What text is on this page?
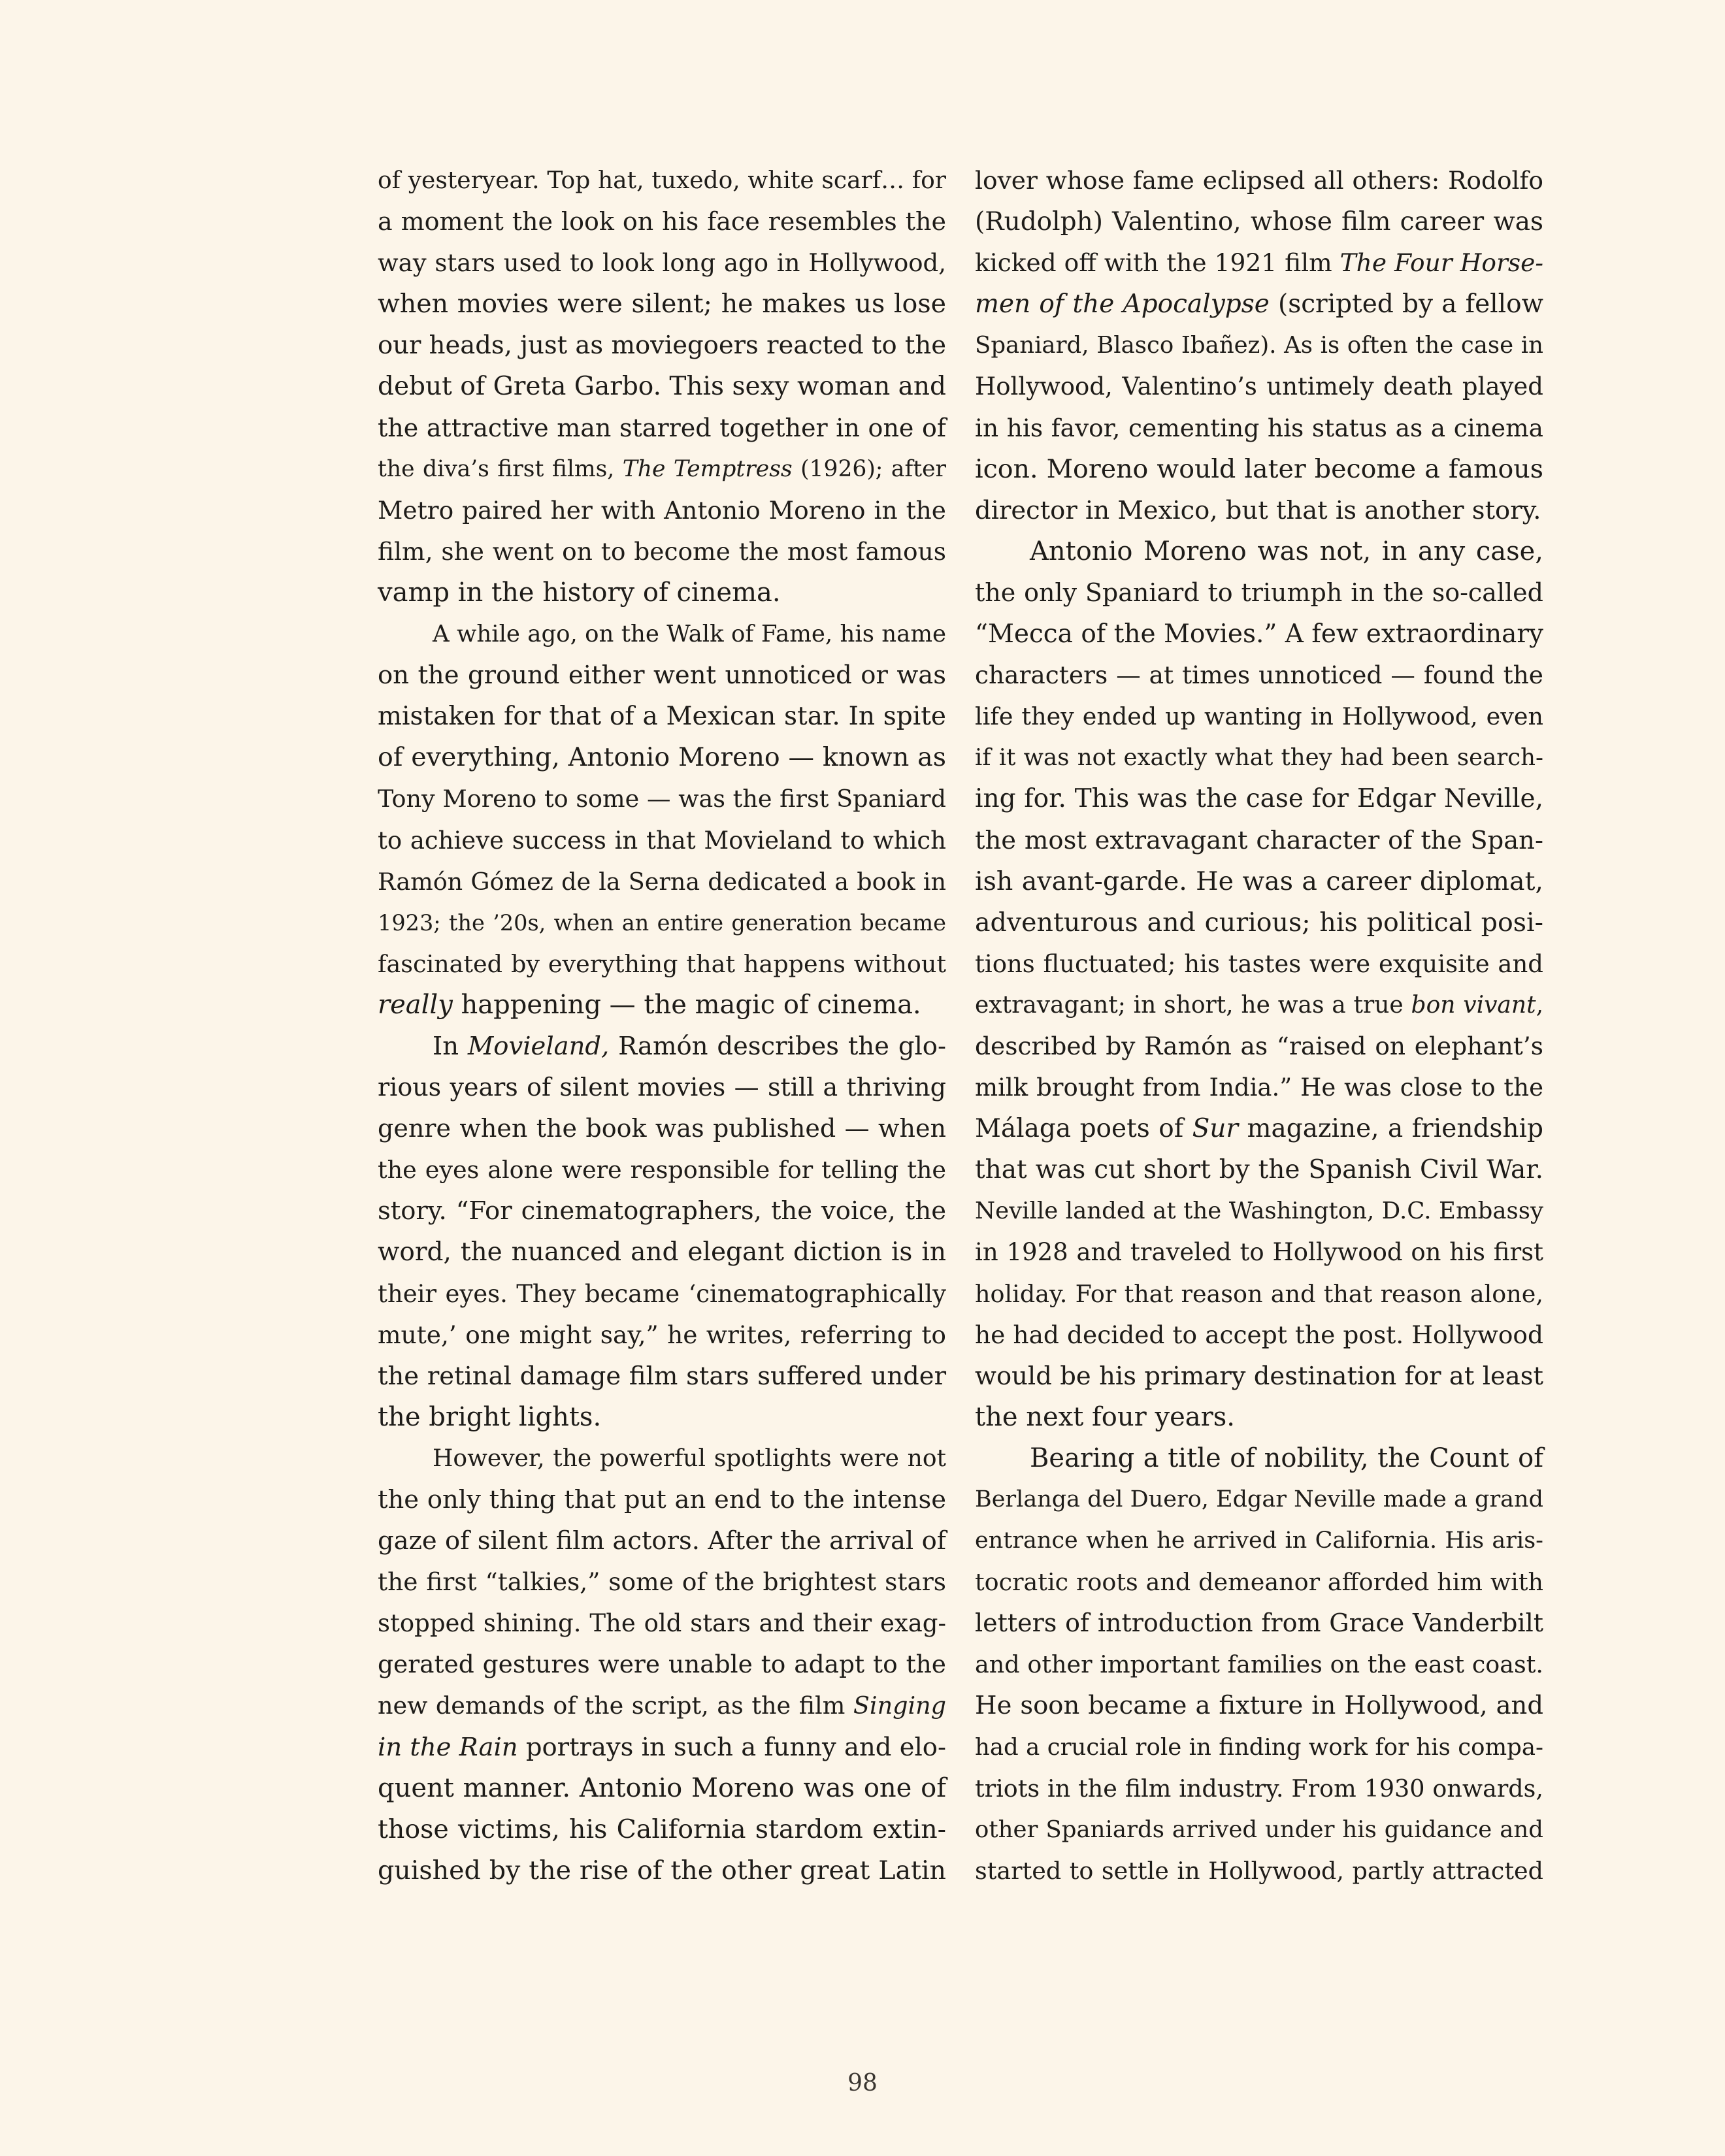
of yesteryear. Top hat, tuxedo, white scarf… for
a moment the look on his face resembles the
way stars used to look long ago in Hollywood,
when movies were silent; he makes us lose
our heads, just as moviegoers reacted to the
debut of Greta Garbo. This sexy woman and
the attractive man starred together in one of
the diva’s first films, The Temptress (1926); after
Metro paired her with Antonio Moreno in the
film, she went on to become the most famous
vamp in the history of cinema.
A while ago, on the Walk of Fame, his name
on the ground either went unnoticed or was
mistaken for that of a Mexican star. In spite
of everything, Antonio Moreno — known as
Tony Moreno to some — was the first Spaniard
to achieve success in that Movieland to which
Ramón Gómez de la Serna dedicated a book in
1923; the ’20s, when an entire generation became
fascinated by everything that happens without
really happening — the magic of cinema.
In Movieland, Ramón describes the glo-
rious years of silent movies — still a thriving
genre when the book was published — when
the eyes alone were responsible for telling the
story. “For cinematographers, the voice, the
word, the nuanced and elegant diction is in
their eyes. They became ‘cinematographically
mute,’ one might say,” he writes, referring to
the retinal damage film stars suffered under
the bright lights.
However, the powerful spotlights were not
the only thing that put an end to the intense
gaze of silent film actors. After the arrival of
the first “talkies,” some of the brightest stars
stopped shining. The old stars and their exag-
gerated gestures were unable to adapt to the
new demands of the script, as the film Singing
in the Rain portrays in such a funny and elo-
quent manner. Antonio Moreno was one of
those victims, his California stardom extin-
guished by the rise of the other great Latin
lover whose fame eclipsed all others: Rodolfo
(Rudolph) Valentino, whose film career was
kicked off with the 1921 film The Four Horse-
men of the Apocalypse (scripted by a fellow
Spaniard, Blasco Ibañez). As is often the case in
Hollywood, Valentino’s untimely death played
in his favor, cementing his status as a cinema
icon. Moreno would later become a famous
director in Mexico, but that is another story.
Antonio Moreno was not, in any case,
the only Spaniard to triumph in the so-called
“Mecca of the Movies.” A few extraordinary
characters — at times unnoticed — found the
life they ended up wanting in Hollywood, even
if it was not exactly what they had been search-
ing for. This was the case for Edgar Neville,
the most extravagant character of the Span-
ish avant-garde. He was a career diplomat,
adventurous and curious; his political posi-
tions fluctuated; his tastes were exquisite and
extravagant; in short, he was a true bon vivant,
described by Ramón as “raised on elephant’s
milk brought from India.” He was close to the
Málaga poets of Sur magazine, a friendship
that was cut short by the Spanish Civil War.
Neville landed at the Washington, D.C. Embassy
in 1928 and traveled to Hollywood on his first
holiday. For that reason and that reason alone,
he had decided to accept the post. Hollywood
would be his primary destination for at least
the next four years.
Bearing a title of nobility, the Count of
Berlanga del Duero, Edgar Neville made a grand
entrance when he arrived in California. His aris-
tocratic roots and demeanor afforded him with
letters of introduction from Grace Vanderbilt
and other important families on the east coast.
He soon became a fixture in Hollywood, and
had a crucial role in finding work for his compa-
triots in the film industry. From 1930 onwards,
other Spaniards arrived under his guidance and
started to settle in Hollywood, partly attracted
98
